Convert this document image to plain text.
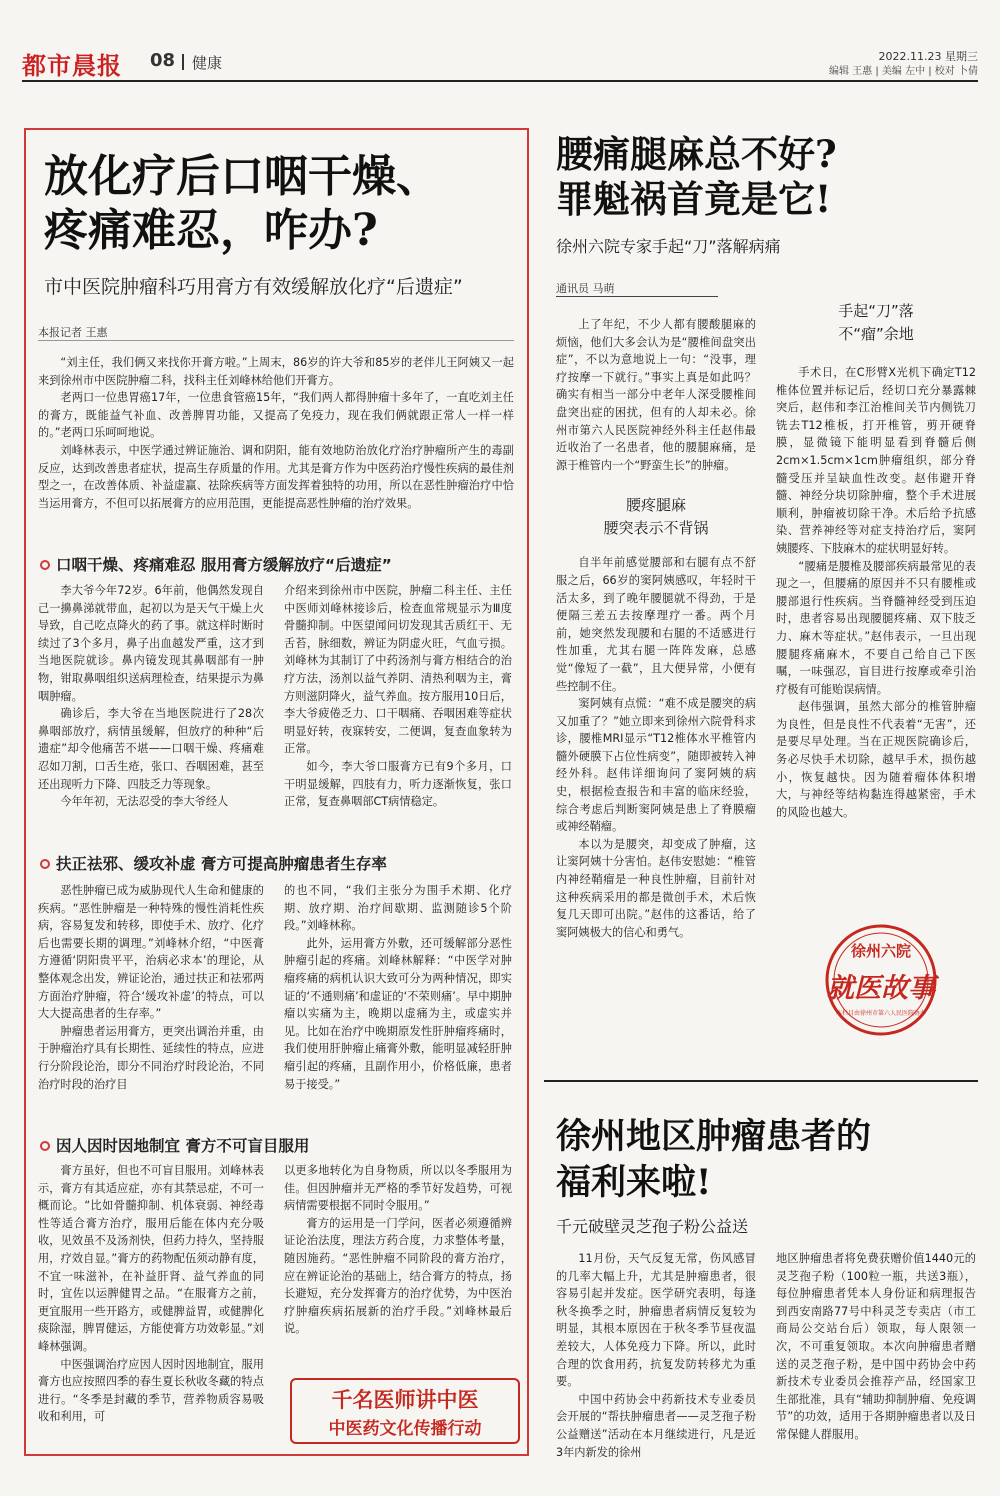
都市晨报 08 健康	2022.11.23 星期三
编辑 王惠 | 美编 左中 | 校对 卜倩
放化疗后口咽干燥、
疼痛难忍，咋办?
市中医院肿瘤科巧用膏方有效缓解放化疗“后遗症”
本报记者 王惠

“刘主任，我们俩又来找你开膏方啦。”上周末，86岁的许大爷和85岁的老伴儿王阿姨又一起来到徐州市中医院肿瘤二科，找科主任刘峰林给他们开膏方。

老两口一位患胃癌17年，一位患食管癌15年，“我们两人都得肿瘤十多年了，一直吃刘主任的膏方，既能益气补血、改善脾胃功能，又提高了免疫力，现在我们俩就跟正常人一样一样的。”老两口乐呵呵地说。

刘峰林表示，中医学通过辨证施治、调和阴阳，能有效地防治放化疗治疗肿瘤所产生的毒副反应，达到改善患者症状，提高生存质量的作用。尤其是膏方作为中医药治疗慢性疾病的最佳剂型之一，在改善体质、补益虚赢、祛除疾病等方面发挥着独特的功用，所以在恶性肿瘤治疗中恰当运用膏方，不但可以拓展膏方的应用范围，更能提高恶性肿瘤的治疗效果。

口咽干燥、疼痛难忍 服用膏方缓解放疗“后遗症”

李大爷今年72岁。6年前，他偶然发现自己一擤鼻涕就带血，起初以为是天气干燥上火导致，自己吃点降火的药了事。就这样时断时续过了3个多月，鼻子出血越发严重，这才到当地医院就诊。鼻内镜发现其鼻咽部有一肿物，钳取鼻咽组织送病理检查，结果提示为鼻咽肿瘤。

确诊后，李大爷在当地医院进行了28次鼻咽部放疗，病情虽缓解，但放疗的种种“后遗症”却令他痛苦不堪——口咽干燥、疼痛难忍如刀割，口舌生疮，张口、吞咽困难，甚至还出现听力下降、四肢乏力等现象。

今年年初，无法忍受的李大爷经人

介绍来到徐州市中医院，肿瘤二科主任、主任中医师刘峰林接诊后，检查血常规显示为Ⅲ度骨髓抑制。中医望闻问切发现其舌质红干、无舌苔，脉细数，辨证为阴虚火旺，气血亏损。刘峰林为其制订了中药汤剂与膏方相结合的治疗方法，汤剂以益气养阴、清热利咽为主，膏方则滋阴降火，益气养血。按方服用10日后，李大爷疲倦乏力、口干咽痛、吞咽困难等症状明显好转，夜寐转安，二便调，复查血象转为正常。

如今，李大爷口服膏方已有9个多月，口干明显缓解，四肢有力，听力逐渐恢复，张口正常，复查鼻咽部CT病情稳定。

扶正祛邪、缓攻补虚 膏方可提高肿瘤患者生存率

恶性肿瘤已成为威胁现代人生命和健康的疾病。“恶性肿瘤是一种特殊的慢性消耗性疾病，容易复发和转移，即使手术、放疗、化疗后也需要长期的调理。”刘峰林介绍，“中医膏方遵循‘阴阳贵平平，治病必求本’的理论，从整体观念出发，辨证论治，通过扶正和祛邪两方面治疗肿瘤，符合‘缓攻补虚’的特点，可以大大提高患者的生存率。”

肿瘤患者运用膏方，更突出调治并重，由于肿瘤治疗具有长期性、延续性的特点，应进行分阶段论治，即分不同治疗时段论治，不同治疗时段的治疗目

的也不同，“我们主张分为围手术期、化疗期、放疗期、治疗间歇期、监测随诊5个阶段。”刘峰林称。

此外，运用膏方外敷，还可缓解部分恶性肿瘤引起的疼痛。刘峰林解释：“中医学对肿瘤疼痛的病机认识大致可分为两种情况，即实证的‘不通则痛’和虚证的‘不荣则痛’。早中期肿瘤以实痛为主，晚期以虚痛为主，或虚实并见。比如在治疗中晚期原发性肝肿瘤疼痛时，我们使用肝肿瘤止痛膏外敷，能明显减轻肝肿瘤引起的疼痛，且副作用小，价格低廉，患者易于接受。”

因人因时因地制宜 膏方不可盲目服用

膏方虽好，但也不可盲目服用。刘峰林表示，膏方有其适应症，亦有其禁忌症，不可一概而论。“比如骨髓抑制、机体衰弱、神经毒性等适合膏方治疗，服用后能在体内充分吸收，见效虽不及汤剂快，但药力持久，坚持服用，疗效自显。”膏方的药物配伍须动静有度，不宜一味滋补，在补益肝肾、益气养血的同时，宜佐以运脾健胃之品。“在服膏方之前，更宜服用一些开路方，或健脾益胃，或健脾化痰除湿，脾胃健运，方能使膏方功效彰显。”刘峰林强调。

中医强调治疗应因人因时因地制宜，服用膏方也应按照四季的春生夏长秋收冬藏的特点进行。“冬季是封藏的季节，营养物质容易吸收和利用，可

以更多地转化为自身物质，所以以冬季服用为佳。但因肿瘤并无严格的季节好发趋势，可视病情需要根据不同时令服用。”

膏方的运用是一门学问，医者必须遵循辨证论治法度，理法方药合度，力求整体考量，随因施药。“恶性肿瘤不同阶段的膏方治疗，应在辨证论治的基础上，结合膏方的特点，扬长避短，充分发挥膏方的治疗优势，为中医治疗肿瘤疾病拓展新的治疗手段。”刘峰林最后说。

千名医师讲中医
中医药文化传播行动
腰痛腿麻总不好?
罪魁祸首竟是它!
徐州六院专家手起“刀”落解病痛
通讯员 马萌

上了年纪，不少人都有腰酸腿麻的烦恼，他们大多会认为是“腰椎间盘突出症”，不以为意地说上一句：“没事，理疗按摩一下就行。”事实上真是如此吗？确实有相当一部分中老年人深受腰椎间盘突出症的困扰，但有的人却未必。徐州市第六人民医院神经外科主任赵伟最近收治了一名患者，他的腰腿麻痛，是源于椎管内一个“野蛮生长”的肿瘤。

腰疼腿麻
腰突表示不背锅

自半年前感觉腰部和右腿有点不舒服之后，66岁的窦阿姨感叹，年轻时干活太多，到了晚年腰腿就不得劲，于是便隔三差五去按摩理疗一番。两个月前，她突然发现腰和右腿的不适感进行性加重，尤其右腿一阵阵发麻，总感觉“像短了一截”，且大便异常，小便有些控制不住。

窦阿姨有点慌：“难不成是腰突的病又加重了？”她立即来到徐州六院骨科求诊，腰椎MRI显示“T12椎体水平椎管内髓外硬膜下占位性病变”，随即被转入神经外科。赵伟详细询问了窦阿姨的病史，根据检查报告和丰富的临床经验，综合考虑后判断窦阿姨是患上了脊膜瘤或神经鞘瘤。

本以为是腰突，却变成了肿瘤，这让窦阿姨十分害怕。赵伟安慰她：“椎管内神经鞘瘤是一种良性肿瘤，目前针对这种疾病采用的都是微创手术，术后恢复几天即可出院。”赵伟的这番话，给了窦阿姨极大的信心和勇气。

手起“刀”落
不“瘤”余地

手术日，在C形臂X光机下确定T12椎体位置并标记后，经切口充分暴露棘突后，赵伟和李江治椎间关节内侧铣刀铣去T12椎板，打开椎管，剪开硬脊膜，显微镜下能明显看到脊髓后侧2cm×1.5cm×1cm肿瘤组织，部分脊髓受压并呈缺血性改变。赵伟避开脊髓、神经分块切除肿瘤，整个手术进展顺利，肿瘤被切除干净。术后给予抗感染、营养神经等对症支持治疗后，窦阿姨腰疼、下肢麻木的症状明显好转。

“腰痛是腰椎及腰部疾病最常见的表现之一，但腰痛的原因并不只有腰椎或腰部退行性疾病。当脊髓神经受到压迫时，患者容易出现腰腿疼痛、双下肢乏力、麻木等症状。”赵伟表示，一旦出现腰腿疼痛麻木，不要自己给自己下医嘱，一味强忍，盲目进行按摩或牵引治疗极有可能贻误病情。

赵伟强调，虽然大部分的椎管肿瘤为良性，但是良性不代表着“无害”，还是要尽早处理。当在正规医院确诊后，务必尽快手术切除，越早手术，损伤越小，恢复越快。因为随着瘤体体积增大，与神经等结构黏连得越紧密，手术的风险也越大。

徐州六院
就医故事
本栏目由徐州市第六人民医院协办
徐州地区肿瘤患者的
福利来啦!
千元破壁灵芝孢子粉公益送

11月份，天气反复无常，伤风感冒的几率大幅上升，尤其是肿瘤患者，很容易引起并发症。医学研究表明，每逢秋冬换季之时，肿瘤患者病情反复较为明显，其根本原因在于秋冬季节昼夜温差较大，人体免疫力下降。所以，此时合理的饮食用药，抗复发防转移尤为重要。

中国中药协会中药新技术专业委员会开展的“帮扶肿瘤患者——灵芝孢子粉公益赠送”活动在本月继续进行，凡是近3年内新发的徐州

地区肿瘤患者将免费获赠价值1440元的灵芝孢子粉（100粒一瓶，共送3瓶），每位肿瘤患者凭本人身份证和病理报告到西安南路77号中科灵芝专卖店（市工商局公交站台后）领取，每人限领一次，不可重复领取。本次向肿瘤患者赠送的灵芝孢子粉，是中国中药协会中药新技术专业委员会推荐产品，经国家卫生部批准，具有“辅助抑制肿瘤、免疫调节”的功效，适用于各期肿瘤患者以及日常保健人群服用。
